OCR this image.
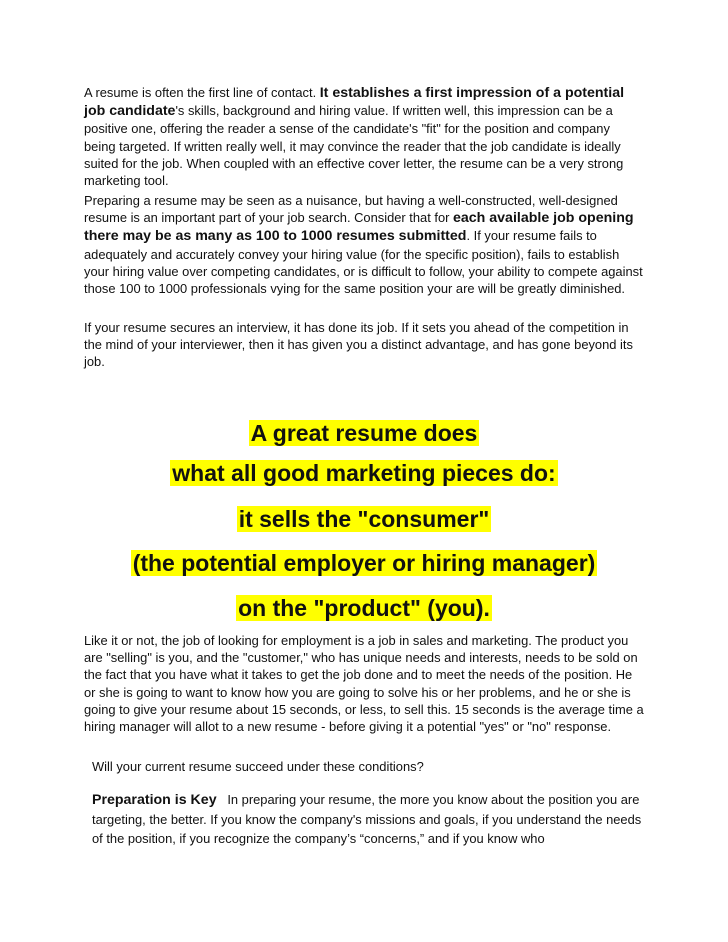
A resume is often the first line of contact. It establishes a first impression of a potential job candidate's skills, background and hiring value. If written well, this impression can be a positive one, offering the reader a sense of the candidate's "fit" for the position and company being targeted. If written really well, it may convince the reader that the job candidate is ideally suited for the job. When coupled with an effective cover letter, the resume can be a very strong marketing tool.

Preparing a resume may be seen as a nuisance, but having a well-constructed, well-designed resume is an important part of your job search. Consider that for each available job opening there may be as many as 100 to 1000 resumes submitted. If your resume fails to adequately and accurately convey your hiring value (for the specific position), fails to establish your hiring value over competing candidates, or is difficult to follow, your ability to compete against those 100 to 1000 professionals vying for the same position your are will be greatly diminished.

If your resume secures an interview, it has done its job. If it sets you ahead of the competition in the mind of your interviewer, then it has given you a distinct advantage, and has gone beyond its job.

A great resume does

what all good marketing pieces do:

it sells the "consumer"

(the potential employer or hiring manager)

on the "product" (you).

Like it or not, the job of looking for employment is a job in sales and marketing. The product you are "selling" is you, and the "customer," who has unique needs and interests, needs to be sold on the fact that you have what it takes to get the job done and to meet the needs of the position. He or she is going to want to know how you are going to solve his or her problems, and he or she is going to give your resume about 15 seconds, or less, to sell this. 15 seconds is the average time a hiring manager will allot to a new resume - before giving it a potential "yes" or "no" response.

Will your current resume succeed under these conditions?

Preparation is Key   In preparing your resume, the more you know about the position you are targeting, the better. If you know the company's missions and goals, if you understand the needs of the position, if you recognize the company’s “concerns,” and if you know who
